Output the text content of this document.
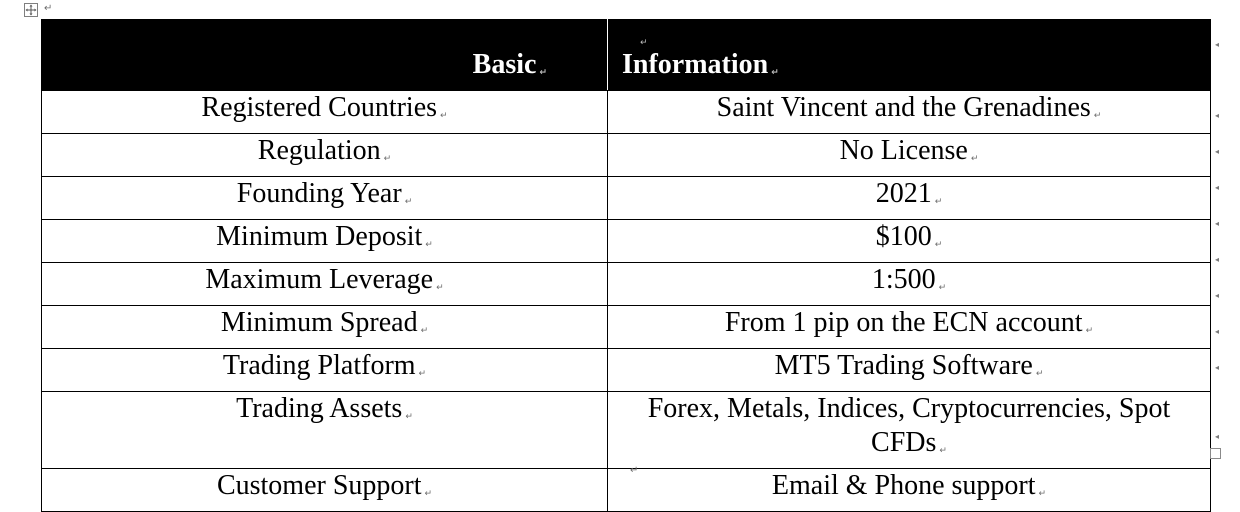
↵
Basic ↵	Information ↵
Registered Countries ↵	Saint Vincent and the Grenadines ↵
Regulation ↵	No License ↵
Founding Year ↵	2021 ↵
Minimum Deposit ↵	$100 ↵
Maximum Leverage ↵	1:500 ↵
Minimum Spread ↵	From 1 pip on the ECN account ↵
Trading Platform ↵	MT5 Trading Software ↵
Trading Assets ↵	Forex, Metals, Indices, Cryptocurrencies, Spot CFDs ↵
Customer Support ↵	Email & Phone support ↵
↵	◂
◂
◂
◂
◂
◂
◂
◂
◂
◂
↵
